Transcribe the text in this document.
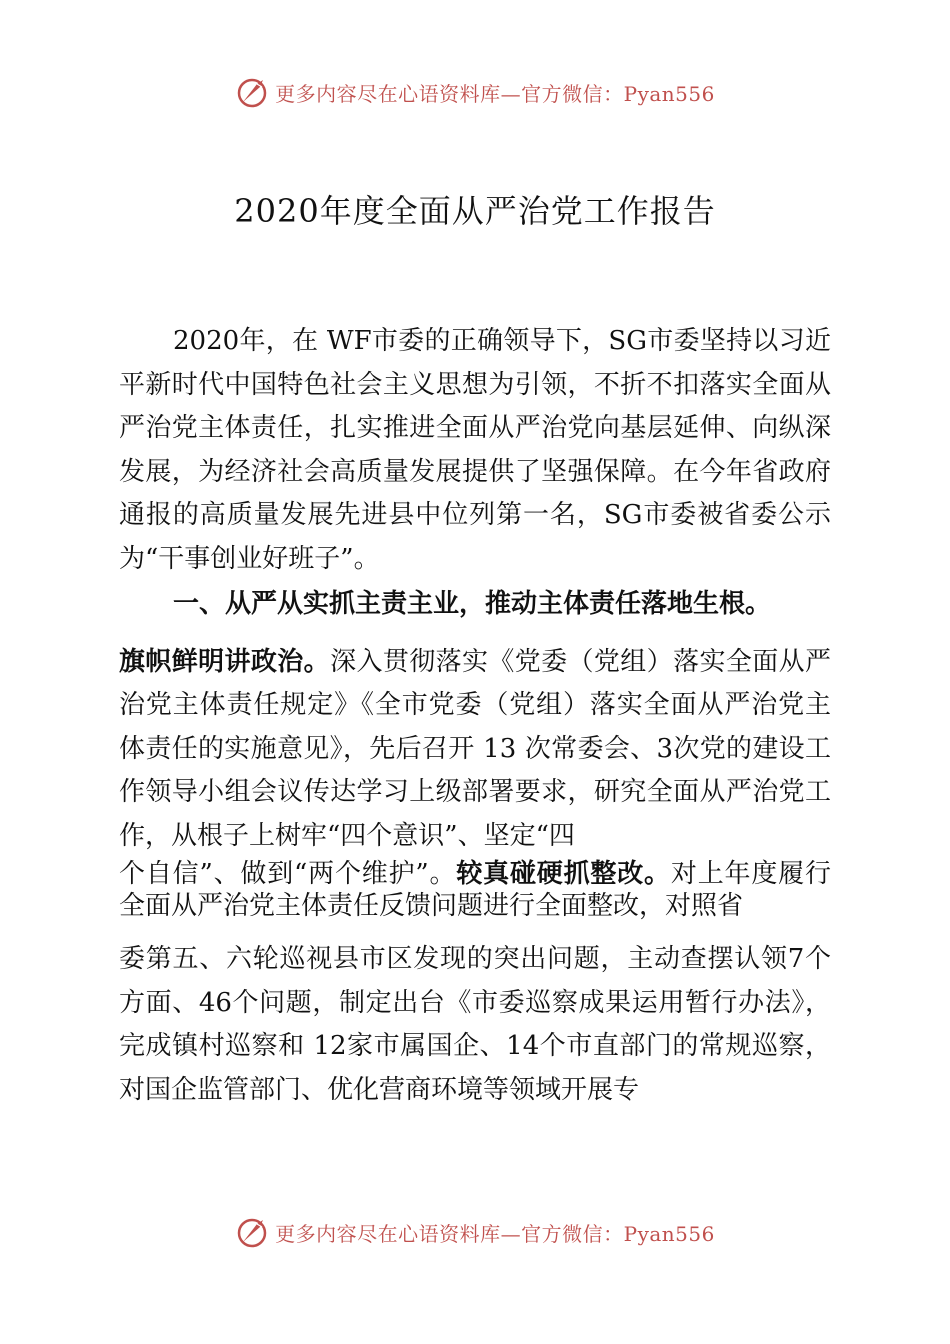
更多内容尽在心语资料库—官方微信：Pyan556
2020年度全面从严治党工作报告

2020年，在 WF市委的正确领导下，SG市委坚持以习近平新时代中国特色社会主义思想为引领，不折不扣落实全面从严治党主体责任，扎实推进全面从严治党向基层延伸、向纵深发展，为经济社会高质量发展提供了坚强保障。在今年省政府通报的高质量发展先进县中位列第一名，SG市委被省委公示为“干事创业好班子”。

一、从严从实抓主责主业，推动主体责任落地生根。

旗帜鲜明讲政治。深入贯彻落实《党委（党组）落实全面从严治党主体责任规定》《全市党委（党组）落实全面从严治党主体责任的实施意见》，先后召开 13 次常委会、3次党的建设工作领导小组会议传达学习上级部署要求，研究全面从严治党工作，从根子上树牢“四个意识”、坚定“四

个自信”、做到“两个维护”。较真碰硬抓整改。对上年度履行全面从严治党主体责任反馈问题进行全面整改，对照省

委第五、六轮巡视县市区发现的突出问题，主动查摆认领7个方面、46个问题，制定出台《市委巡察成果运用暂行办法》，完成镇村巡察和 12家市属国企、14个市直部门的常规巡察，对国企监管部门、优化营商环境等领域开展专

更多内容尽在心语资料库—官方微信：Pyan556
